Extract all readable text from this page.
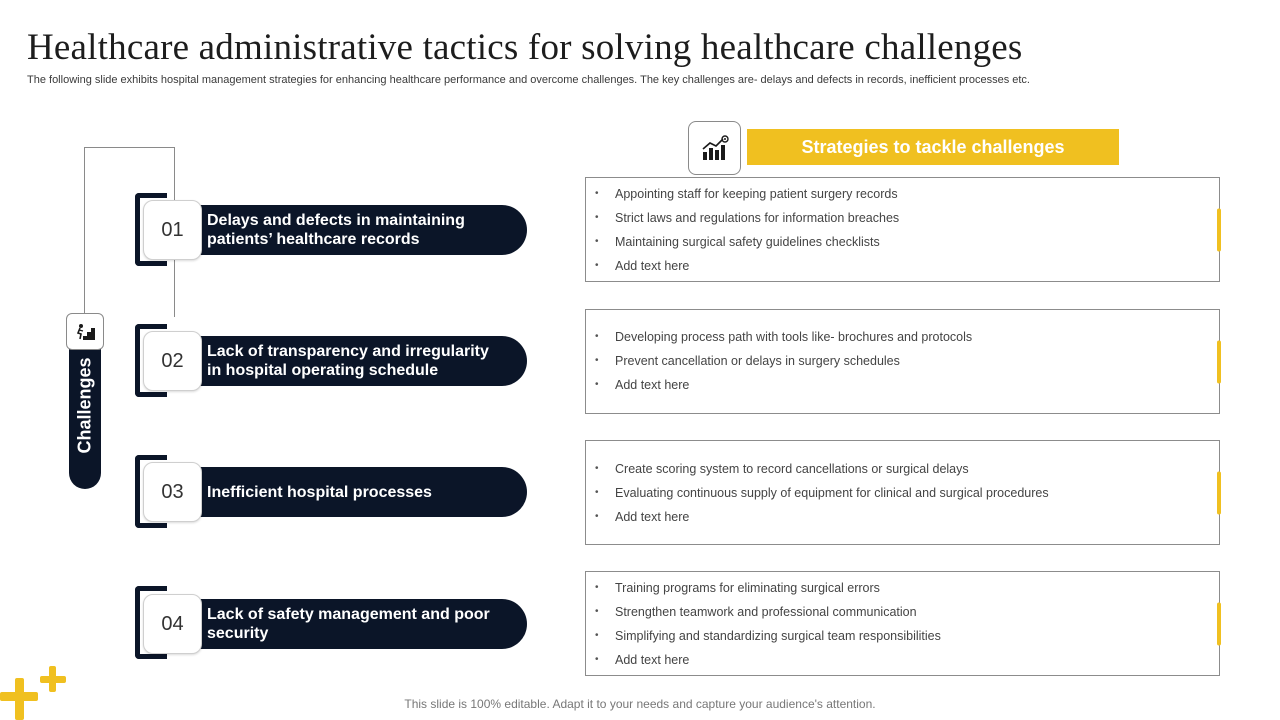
Healthcare administrative tactics for solving healthcare challenges

The following slide exhibits hospital management strategies for enhancing healthcare performance and overcome challenges. The key challenges are- delays and defects in records, inefficient processes etc.

Challenges
Delays and defects in maintaining patients’ healthcare records
01
Lack of transparency and irregularity in hospital operating schedule
02
Inefficient hospital processes
03
Lack of safety management and poor security
04
Strategies to tackle challenges
•	Appointing staff for keeping patient surgery records
•	Strict laws and regulations for information breaches
•	Maintaining surgical safety guidelines checklists
•	Add text here
•	Developing process path with tools like- brochures and protocols
•	Prevent cancellation or delays in surgery schedules
•	Add text here
•	Create scoring system to record cancellations or surgical delays
•	Evaluating continuous supply of equipment for clinical and surgical procedures
•	Add text here
•	Training programs for eliminating surgical errors
•	Strengthen teamwork and professional communication
•	Simplifying and standardizing surgical team responsibilities
•	Add text here
This slide is 100% editable. Adapt it to your needs and capture your audience's attention.
